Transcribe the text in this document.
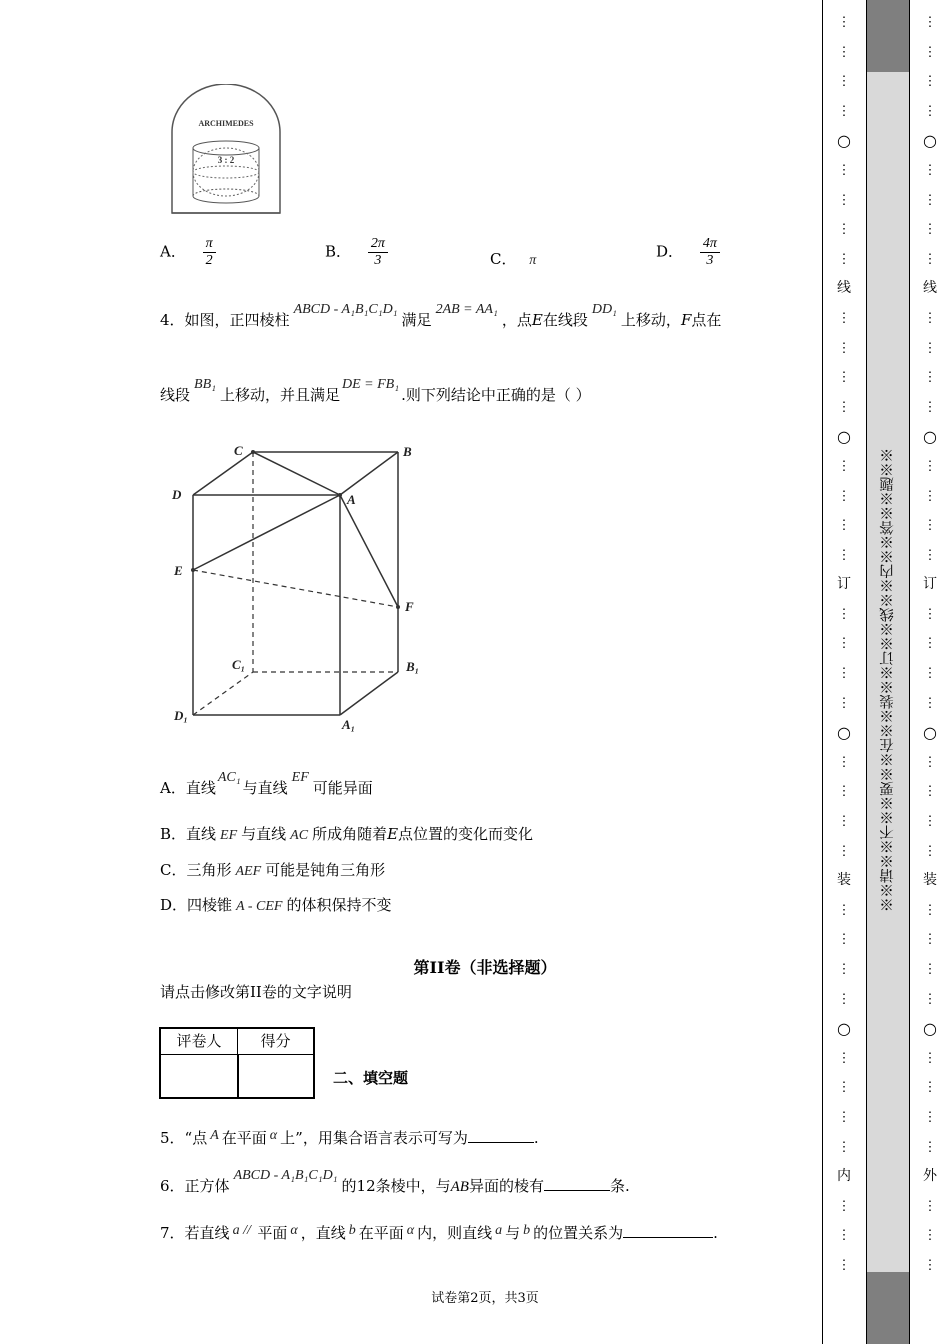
ARCHIMEDES
3 : 2
A． $\frac{\pi}{2}$	B． $\frac{2\pi}{3}$	C． π	D． $\frac{4\pi}{3}$
4．如图，正四棱柱ABCD - A₁B₁C₁D₁满足2AB = AA₁，点E在线段DD₁上移动，F点在
线段BB₁上移动，并且满足DE = FB₁.则下列结论中正确的是（ ）
C	B
D	A
E
F
C₁	B₁
D₁
A₁
A．直线AC₁与直线EF可能异面
B．直线 EF 与直线 AC 所成角随着E点位置的变化而变化
C．三角形 AEF 可能是钝角三角形
D．四棱锥 A - CEF 的体积保持不变
第II卷（非选择题）
请点击修改第II卷的文字说明
评卷人	得分
二、填空题
5．“点 A 在平面 α 上”，用集合语言表示可写为	.
6．正方体ABCD - A₁B₁C₁D₁的12条棱中，与AB异面的棱有	条.
7．若直线 a // 平面 α ，直线 b 在平面 α 内，则直线 a 与 b 的位置关系为	.
试卷第2页，共3页
⋮
⋮
⋮
⋮
○
⋮
⋮
⋮
⋮
线
⋮
⋮
⋮
⋮
○
⋮
⋮
⋮
⋮
订
⋮
⋮
⋮
⋮
○
⋮
⋮
⋮
⋮
装
⋮
⋮
⋮
⋮
○
⋮
⋮
⋮
⋮
内
⋮
⋮
⋮
※※请※※不※※要※※在※※装※※订※※线※※内※※答※※题※※
⋮
⋮
⋮
⋮
○
⋮
⋮
⋮
⋮
线
⋮
⋮
⋮
⋮
○
⋮
⋮
⋮
⋮
订
⋮
⋮
⋮
⋮
○
⋮
⋮
⋮
⋮
装
⋮
⋮
⋮
⋮
○
⋮
⋮
⋮
⋮
外
⋮
⋮
⋮
